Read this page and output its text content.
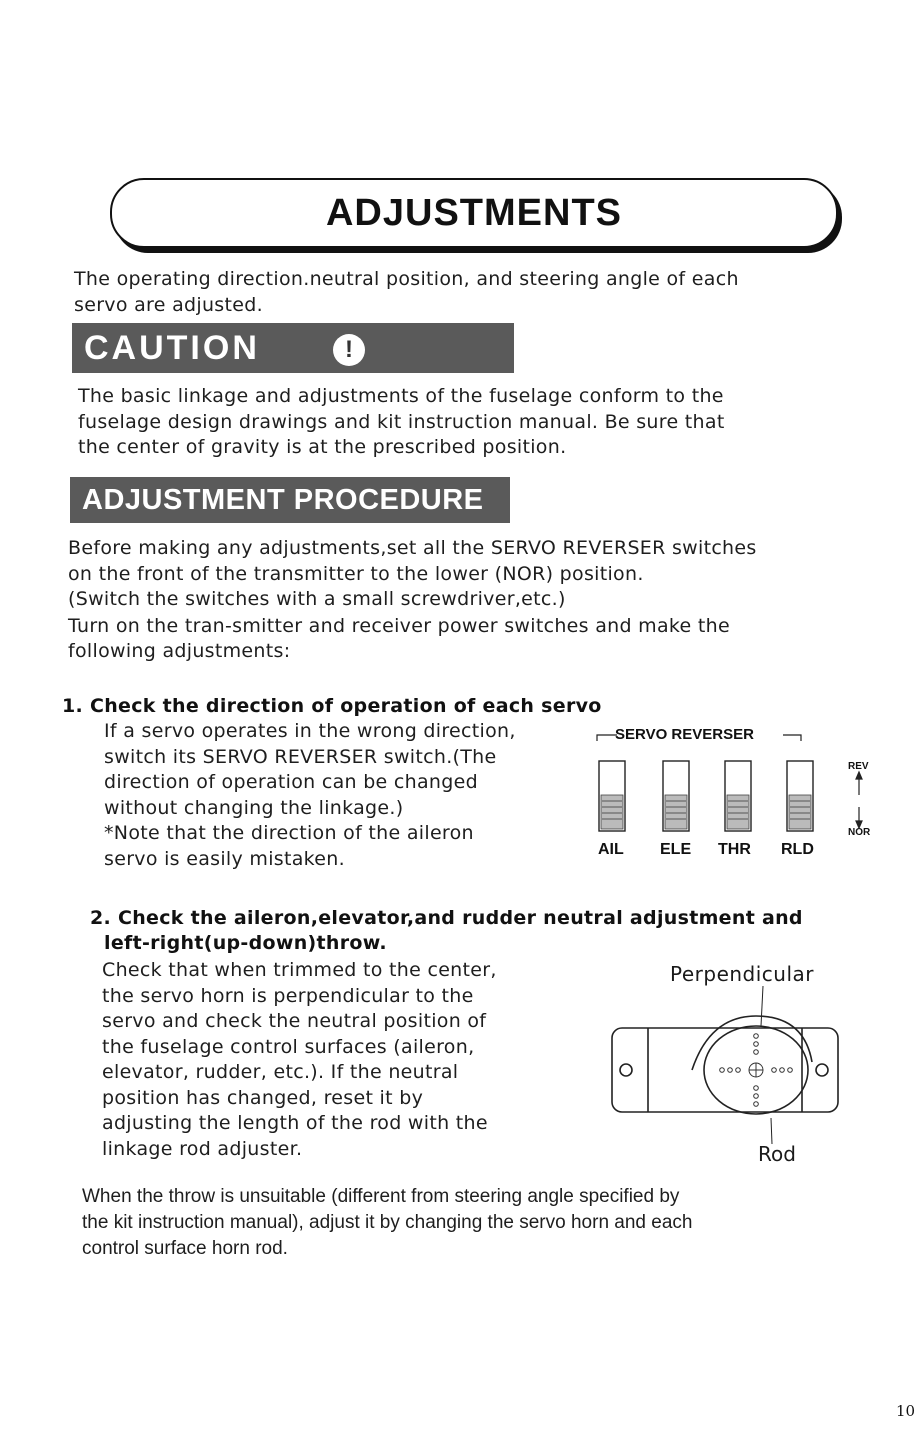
ADJUSTMENTS
The operating direction.neutral position, and steering angle of each
servo are adjusted.
CAUTION	!
The basic linkage and adjustments of the fuselage conform to the
fuselage design drawings and kit instruction manual. Be sure that
the center of gravity is at the prescribed position.
ADJUSTMENT PROCEDURE
Before making any adjustments,set all the SERVO REVERSER switches
on the front of the transmitter to the lower (NOR) position.
(Switch the switches with a small screwdriver,etc.)
Turn on the tran-smitter and receiver power switches and make the
following adjustments:
1. Check the direction of operation of each servo
If a servo operates in the wrong direction,
switch its SERVO REVERSER switch.(The
direction of operation can be changed
without changing the linkage.)
*Note that the direction of the aileron
servo is easily mistaken.
SERVO REVERSER
REV
NOR
AIL ELE THR RLD
2. Check the aileron,elevator,and rudder neutral adjustment and
left-right(up-down)throw.
Check that when trimmed to the center,
the servo horn is perpendicular to the
servo and check the neutral position of
the fuselage control surfaces (aileron,
elevator, rudder, etc.). If the neutral
position has changed, reset it by
adjusting the length of the rod with the
linkage rod adjuster.
Perpendicular
Rod
When the throw is unsuitable (different from steering angle specified by
the kit instruction manual), adjust it by changing the servo horn and each
control surface horn rod.
10
